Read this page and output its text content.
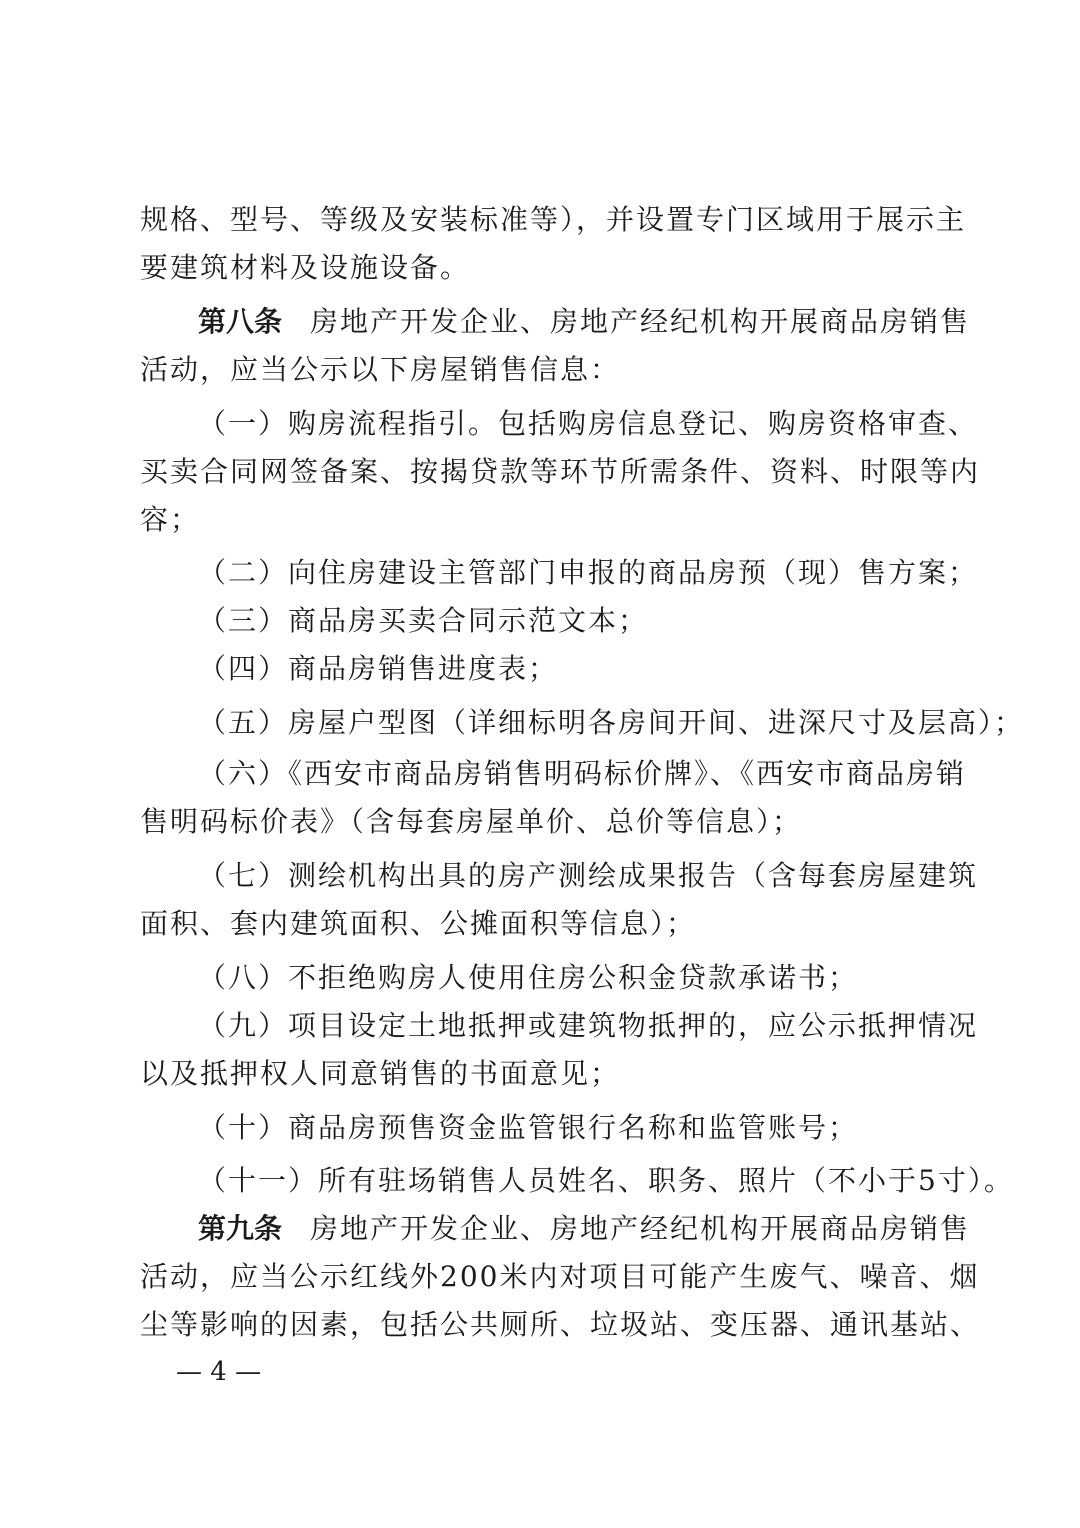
规格、型号、等级及安装标准等），并设置专门区域用于展示主
要建筑材料及设施设备。
第八条 房地产开发企业、房地产经纪机构开展商品房销售
活动，应当公示以下房屋销售信息：
（一）购房流程指引。包括购房信息登记、购房资格审查、
买卖合同网签备案、按揭贷款等环节所需条件、资料、时限等内
容；
（二）向住房建设主管部门申报的商品房预（现）售方案；
（三）商品房买卖合同示范文本；
（四）商品房销售进度表；
（五）房屋户型图（详细标明各房间开间、进深尺寸及层高）；
（六）《西安市商品房销售明码标价牌》、《西安市商品房销
售明码标价表》（含每套房屋单价、总价等信息）；
（七）测绘机构出具的房产测绘成果报告（含每套房屋建筑
面积、套内建筑面积、公摊面积等信息）；
（八）不拒绝购房人使用住房公积金贷款承诺书；
（九）项目设定土地抵押或建筑物抵押的，应公示抵押情况
以及抵押权人同意销售的书面意见；
（十）商品房预售资金监管银行名称和监管账号；
（十一）所有驻场销售人员姓名、职务、照片（不小于5寸）。
第九条 房地产开发企业、房地产经纪机构开展商品房销售
活动，应当公示红线外200米内对项目可能产生废气、噪音、烟
尘等影响的因素，包括公共厕所、垃圾站、变压器、通讯基站、
— 4 —
